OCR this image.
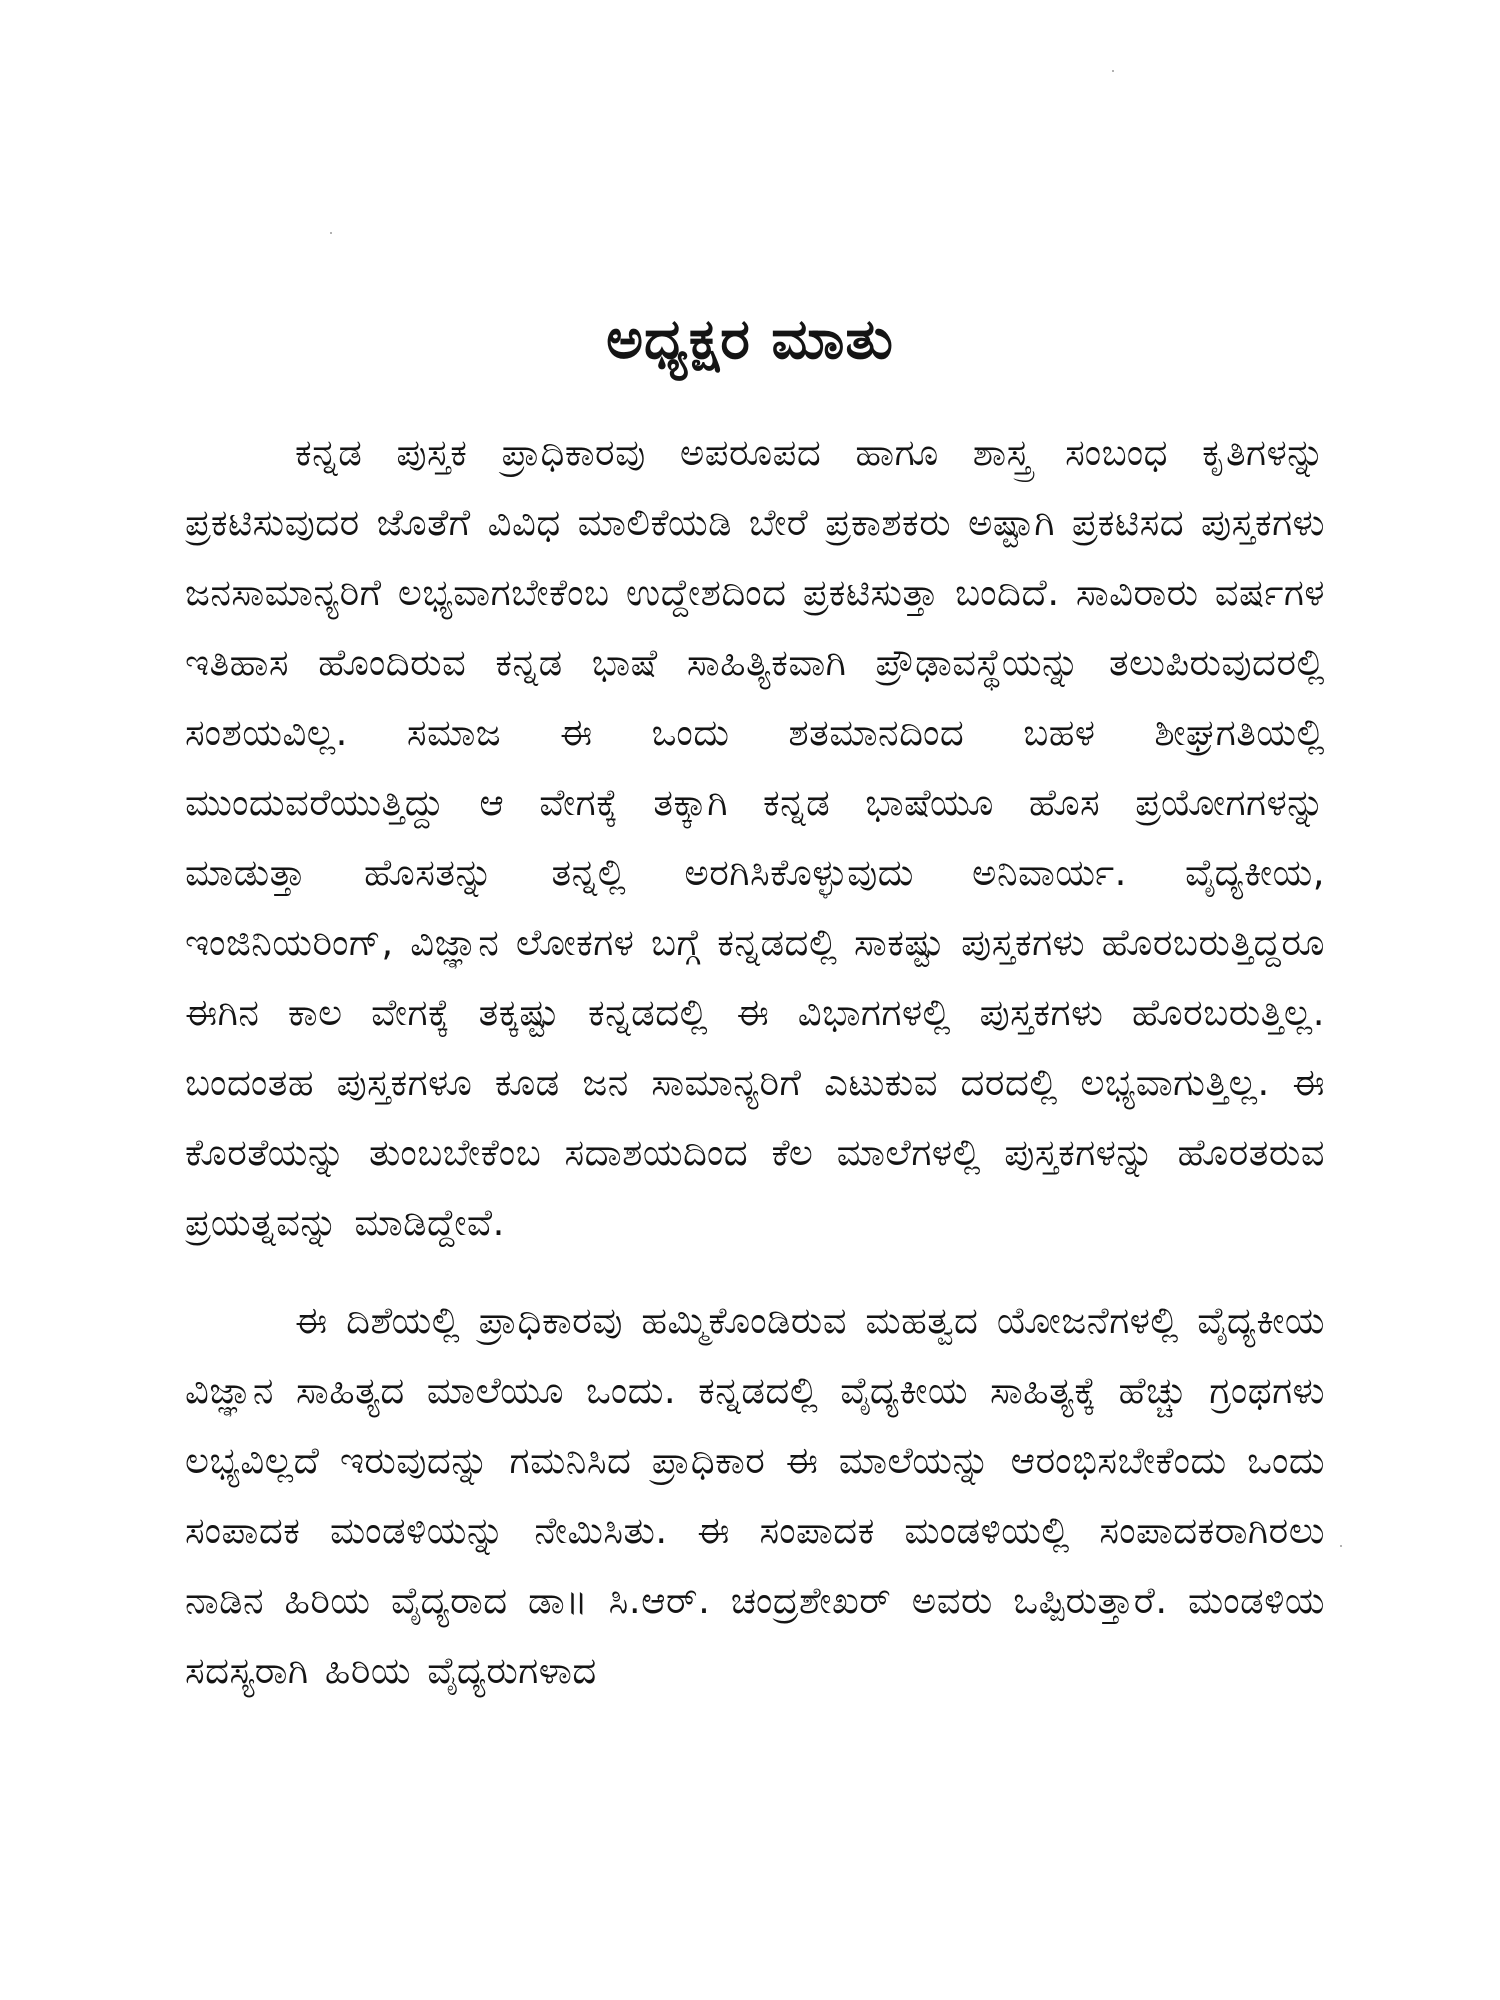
ಅಧ್ಯಕ್ಷರ ಮಾತು

ಕನ್ನಡ ಪುಸ್ತಕ ಪ್ರಾಧಿಕಾರವು ಅಪರೂಪದ ಹಾಗೂ ಶಾಸ್ತ್ರ ಸಂಬಂಧ ಕೃತಿಗಳನ್ನು ಪ್ರಕಟಿಸುವುದರ ಜೊತೆಗೆ ವಿವಿಧ ಮಾಲಿಕೆಯಡಿ ಬೇರೆ ಪ್ರಕಾಶಕರು ಅಷ್ಟಾಗಿ ಪ್ರಕಟಿಸದ ಪುಸ್ತಕಗಳು ಜನಸಾಮಾನ್ಯರಿಗೆ ಲಭ್ಯವಾಗಬೇಕೆಂಬ ಉದ್ದೇಶದಿಂದ ಪ್ರಕಟಿಸುತ್ತಾ ಬಂದಿದೆ. ಸಾವಿರಾರು ವರ್ಷಗಳ ಇತಿಹಾಸ ಹೊಂದಿರುವ ಕನ್ನಡ ಭಾಷೆ ಸಾಹಿತ್ಯಿಕವಾಗಿ ಪ್ರೌಢಾವಸ್ಥೆಯನ್ನು ತಲುಪಿರುವುದರಲ್ಲಿ ಸಂಶಯವಿಲ್ಲ. ಸಮಾಜ ಈ ಒಂದು ಶತಮಾನದಿಂದ ಬಹಳ ಶೀಘ್ರಗತಿಯಲ್ಲಿ ಮುಂದುವರೆಯುತ್ತಿದ್ದು ಆ ವೇಗಕ್ಕೆ ತಕ್ಕಾಗಿ ಕನ್ನಡ ಭಾಷೆಯೂ ಹೊಸ ಪ್ರಯೋಗಗಳನ್ನು ಮಾಡುತ್ತಾ ಹೊಸತನ್ನು ತನ್ನಲ್ಲಿ ಅರಗಿಸಿಕೊಳ್ಳುವುದು ಅನಿವಾರ್ಯ. ವೈದ್ಯಕೀಯ, ಇಂಜಿನಿಯರಿಂಗ್, ವಿಜ್ಞಾನ ಲೋಕಗಳ ಬಗ್ಗೆ ಕನ್ನಡದಲ್ಲಿ ಸಾಕಷ್ಟು ಪುಸ್ತಕಗಳು ಹೊರಬರುತ್ತಿದ್ದರೂ ಈಗಿನ ಕಾಲ ವೇಗಕ್ಕೆ ತಕ್ಕಷ್ಟು ಕನ್ನಡದಲ್ಲಿ ಈ ವಿಭಾಗಗಳಲ್ಲಿ ಪುಸ್ತಕಗಳು ಹೊರಬರುತ್ತಿಲ್ಲ. ಬಂದಂತಹ ಪುಸ್ತಕಗಳೂ ಕೂಡ ಜನ ಸಾಮಾನ್ಯರಿಗೆ ಎಟುಕುವ ದರದಲ್ಲಿ ಲಭ್ಯವಾಗುತ್ತಿಲ್ಲ. ಈ ಕೊರತೆಯನ್ನು ತುಂಬಬೇಕೆಂಬ ಸದಾಶಯದಿಂದ ಕೆಲ ಮಾಲೆಗಳಲ್ಲಿ ಪುಸ್ತಕಗಳನ್ನು ಹೊರತರುವ ಪ್ರಯತ್ನವನ್ನು ಮಾಡಿದ್ದೇವೆ.

ಈ ದಿಶೆಯಲ್ಲಿ ಪ್ರಾಧಿಕಾರವು ಹಮ್ಮಿಕೊಂಡಿರುವ ಮಹತ್ವದ ಯೋಜನೆಗಳಲ್ಲಿ ವೈದ್ಯಕೀಯ ವಿಜ್ಞಾನ ಸಾಹಿತ್ಯದ ಮಾಲೆಯೂ ಒಂದು. ಕನ್ನಡದಲ್ಲಿ ವೈದ್ಯಕೀಯ ಸಾಹಿತ್ಯಕ್ಕೆ ಹೆಚ್ಚು ಗ್ರಂಥಗಳು ಲಭ್ಯವಿಲ್ಲದೆ ಇರುವುದನ್ನು ಗಮನಿಸಿದ ಪ್ರಾಧಿಕಾರ ಈ ಮಾಲೆಯನ್ನು ಆರಂಭಿಸಬೇಕೆಂದು ಒಂದು ಸಂಪಾದಕ ಮಂಡಳಿಯನ್ನು ನೇಮಿಸಿತು. ಈ ಸಂಪಾದಕ ಮಂಡಳಿಯಲ್ಲಿ ಸಂಪಾದಕರಾಗಿರಲು ನಾಡಿನ ಹಿರಿಯ ವೈದ್ಯರಾದ ಡಾ॥ ಸಿ.ಆರ್. ಚಂದ್ರಶೇಖರ್ ಅವರು ಒಪ್ಪಿರುತ್ತಾರೆ. ಮಂಡಳಿಯ ಸದಸ್ಯರಾಗಿ ಹಿರಿಯ ವೈದ್ಯರುಗಳಾದ
